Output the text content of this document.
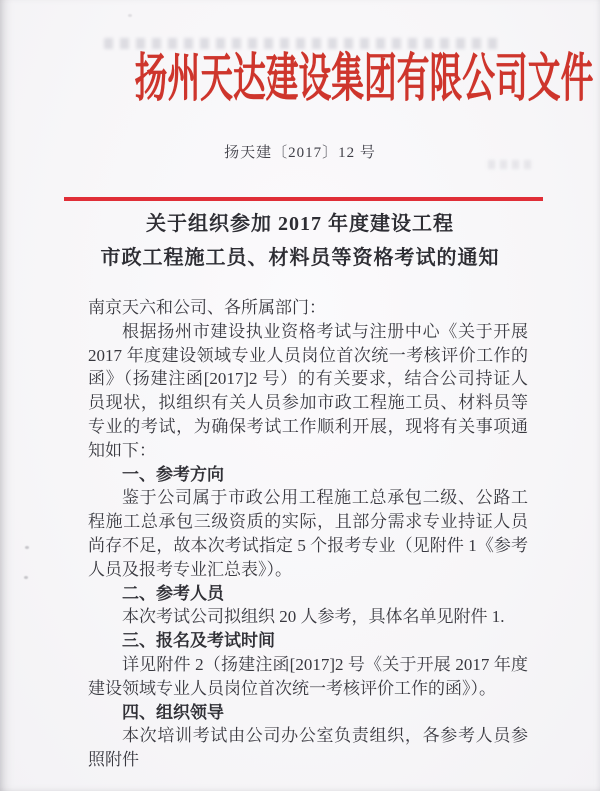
扬州天达建设集团有限公司文件
扬天建〔2017〕12 号
关于组织参加 2017 年度建设工程
市政工程施工员、材料员等资格考试的通知

南京天六和公司、各所属部门：

根据扬州市建设执业资格考试与注册中心《关于开展 2017 年度建设领域专业人员岗位首次统一考核评价工作的函》（扬建注函[2017]2 号）的有关要求，结合公司持证人员现状，拟组织有关人员参加市政工程施工员、材料员等专业的考试，为确保考试工作顺利开展，现将有关事项通知如下：

一、参考方向

鉴于公司属于市政公用工程施工总承包二级、公路工程施工总承包三级资质的实际，且部分需求专业持证人员尚存不足，故本次考试指定 5 个报考专业（见附件 1《参考人员及报考专业汇总表》）。

二、参考人员

本次考试公司拟组织 20 人参考，具体名单见附件 1.

三、报名及考试时间

详见附件 2（扬建注函[2017]2 号《关于开展 2017 年度建设领域专业人员岗位首次统一考核评价工作的函》）。

四、组织领导

本次培训考试由公司办公室负责组织，各参考人员参照附件
